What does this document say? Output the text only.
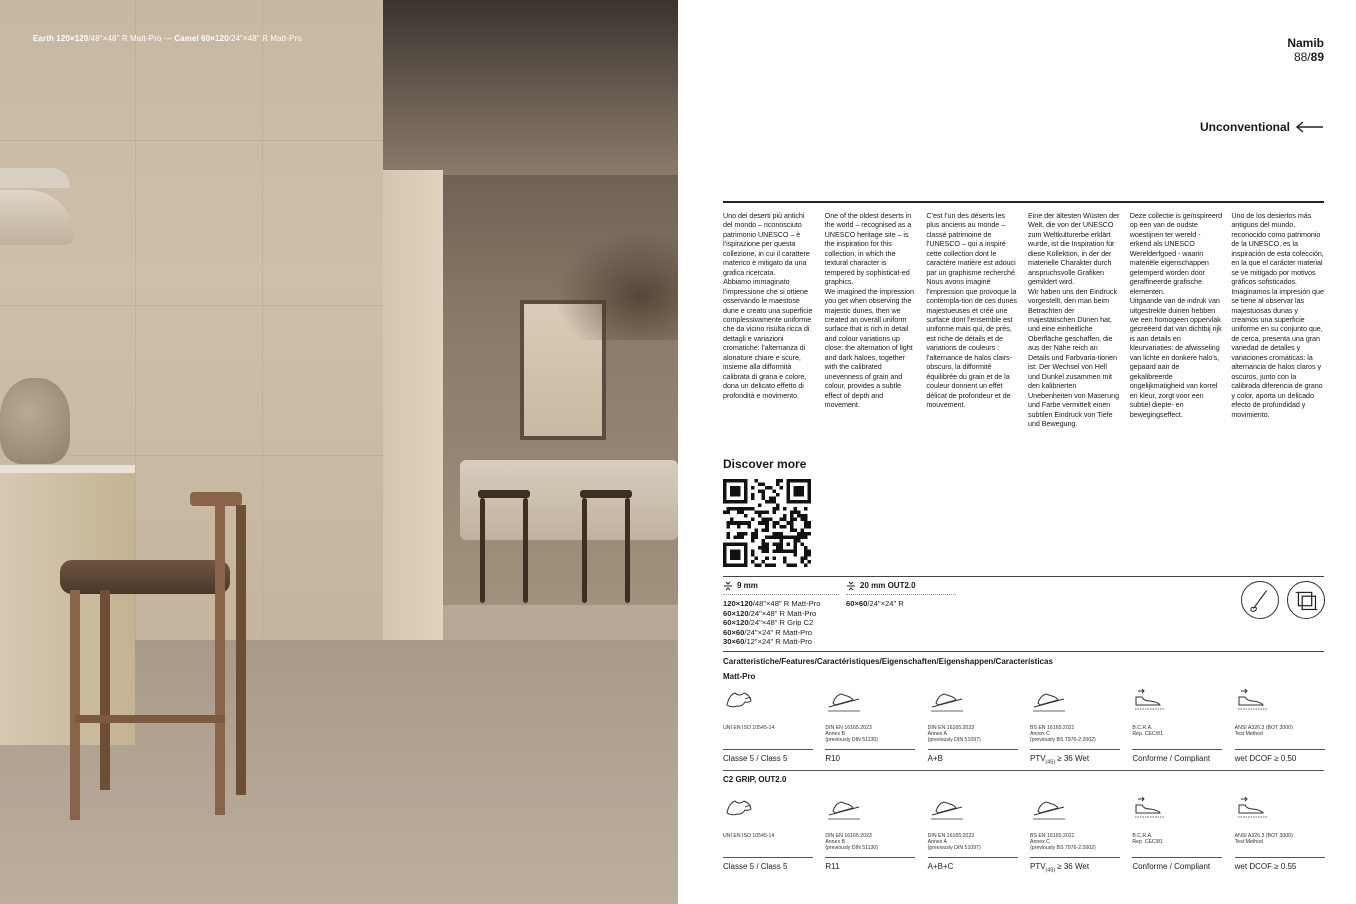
Earth 120×120/48"×48" R Matt-Pro — Camel 60×120/24"×48" R Matt-Pro	Namib
88/89
Unconventional
Uno dei deserti più antichi del mondo – riconosciuto patrimonio UNESCO – è l’ispirazione per questa collezione, in cui il carattere materico è mitigato da una grafica ricercata.
Abbiamo immaginato l’impressione che si ottiene osservando le maestose dune e creato una superficie complessivamente uniforme che da vicino risulta ricca di dettagli e variazioni cromatiche: l’alternanza di alonature chiare e scure, insieme alla difformità calibrata di grana e colore, dona un delicato effetto di profondità e movimento.
One of the oldest deserts in the world – recognised as a UNESCO heritage site – is the inspiration for this collection, in which the textural character is tempered by sophisticat-ed graphics.
We imagined the impression you get when observing the majestic dunes, then we created an overall uniform surface that is rich in detail and colour variations up close: the alternation of light and dark haloes, together with the calibrated unevenness of grain and colour, provides a subtle effect of depth and movement.
C’est l’un des déserts les plus anciens au monde – classé patrimoine de l’UNESCO – qui a inspiré cette collection dont le caractère matière est adouci par un graphisme recherché.
Nous avons imaginé l’impression que provoque la contempla-tion de ces dunes majestueuses et créé une surface dont l’ensemble est uniforme mais qui, de près, est riche de détails et de variations de couleurs : l’alternance de halos clairs-obscurs, la difformité équilibrée du grain et de la couleur donnent un effet délicat de profondeur et de mouvement.
Eine der ältesten Wüsten der Welt, die von der UNESCO zum Weltkulturerbe erklärt wurde, ist die Inspiration für diese Kollektion, in der der materielle Charakter durch anspruchsvolle Grafiken gemildert wird.
Wir haben uns den Eindruck vorgestellt, den man beim Betrachten der majestätischen Dünen hat, und eine einheitliche Oberfläche geschaffen, die aus der Nähe reich an Details und Farbvaria-tionen ist: Der Wechsel von Hell und Dunkel zusammen mit den kalibrierten Unebenheiten von Maserung und Farbe vermittelt einen subtilen Eindruck von Tiefe und Bewegung.
Deze collectie is geïnspireerd op een van de oudste woestijnen ter wereld - erkend als UNESCO Werelderfgoed - waarin materiële eigenschappen getemperd worden door geraffineerde grafische elementen.
Uitgaande van de indruk van uitgestrekte duinen hebben we een homogeen oppervlak gecreëerd dat van dichtbij rijk is aan details en kleurvariaties: de afwisseling van lichte en donkere halo’s, gepaard aan de gekalibreerde ongelijkmatigheid van korrel en kleur, zorgt voor een subtiel diepte- en bewegingseffect.
Uno de los desiertos más antiguos del mundo, reconocido como patrimonio de la UNESCO, es la inspiración de esta colección, en la que el carácter material se ve mitigado por motivos gráficos sofisticados.
Imaginamos la impresión que se tiene al observar las majestuosas dunas y creamos una superficie uniforme en su conjunto que, de cerca, presenta una gran variedad de detalles y variaciones cromáticas: la alternancia de halos claros y oscuros, junto con la calibrada diferencia de grano y color, aporta un delicado efecto de profundidad y movimiento.
Discover more
9 mm
120×120/48"×48" R Matt-Pro
60×120/24"×48" R Matt-Pro
60×120/24"×48" R Grip C2
60×60/24"×24" R Matt-Pro
30×60/12"×24" R Matt-Pro
20 mm OUT2.0
60×60/24"×24" R
Caratteristiche/Features/Caractéristiques/Eigenschaften/Eigenshappen/Características
Matt-Pro
UNI EN ISO 10545-14
Classe 5 / Class 5
DIN EN 16165:2023
Annex B
(previously DIN 51130)
R10
DIN EN 16165:2023
Annex A
(previously DIN 51097)
A+B
BS EN 16165:2021
Annex C
(previously BS 7976-2:2002)
$PTV_{(4S)} \ge 36$ Wet
B.C.R.A.
Rep. CEC/81
Conforme / Compliant
ANSI A326.3 (BOT 3000)
Test Method
wet DCOF ≥ 0.50
C2 GRIP, OUT2.0
UNI EN ISO 10545-14
Classe 5 / Class 5
DIN EN 16165:2023
Annex B
(previously DIN 51130)
R11
DIN EN 16165:2023
Annex A
(previously DIN 51097)
A+B+C
BS EN 16165:2021
Annex C
(previously BS 7976-2:2002)
$PTV_{(4S)} \ge 36$ Wet
B.C.R.A.
Rep. CEC/81
Conforme / Compliant
ANSI A326.3 (BOT 3000)
Test Method
wet DCOF ≥ 0.55
